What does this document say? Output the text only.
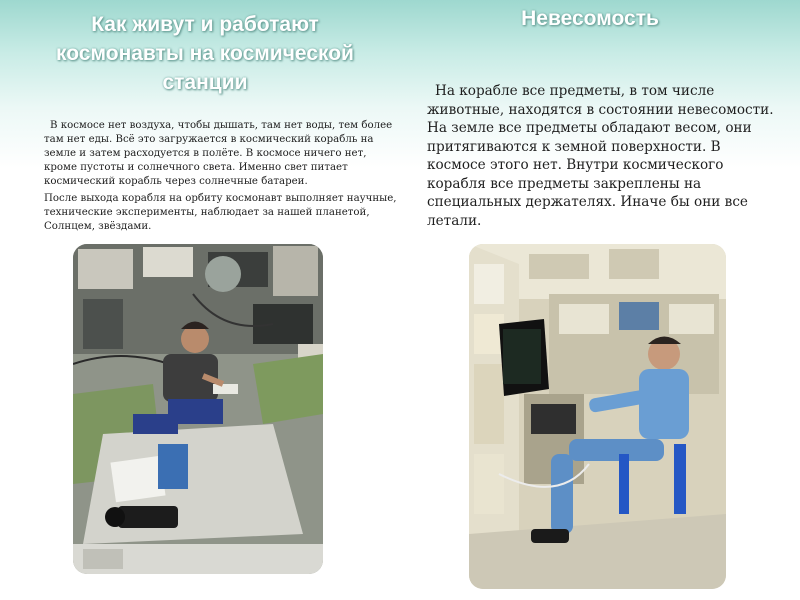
Как живут и работают космонавты на космической станции
Невесомость

В космосе нет воздуха, чтобы дышать, там нет воды, тем более там нет еды. Всё это загружается в космический корабль на земле и затем расходуется в полёте. В космосе ничего нет, кроме пустоты и солнечного света. Именно свет питает космический корабль через солнечные батареи.

После выхода корабля на орбиту космонавт выполняет научные, технические эксперименты, наблюдает за нашей планетой, Солнцем, звёздами.

На корабле все предметы, в том числе животные, находятся в состоянии невесомости. На земле все предметы обладают весом, они притягиваются к земной поверхности. В космосе этого нет. Внутри космического корабля все предметы закреплены на специальных держателях. Иначе бы они все летали.
